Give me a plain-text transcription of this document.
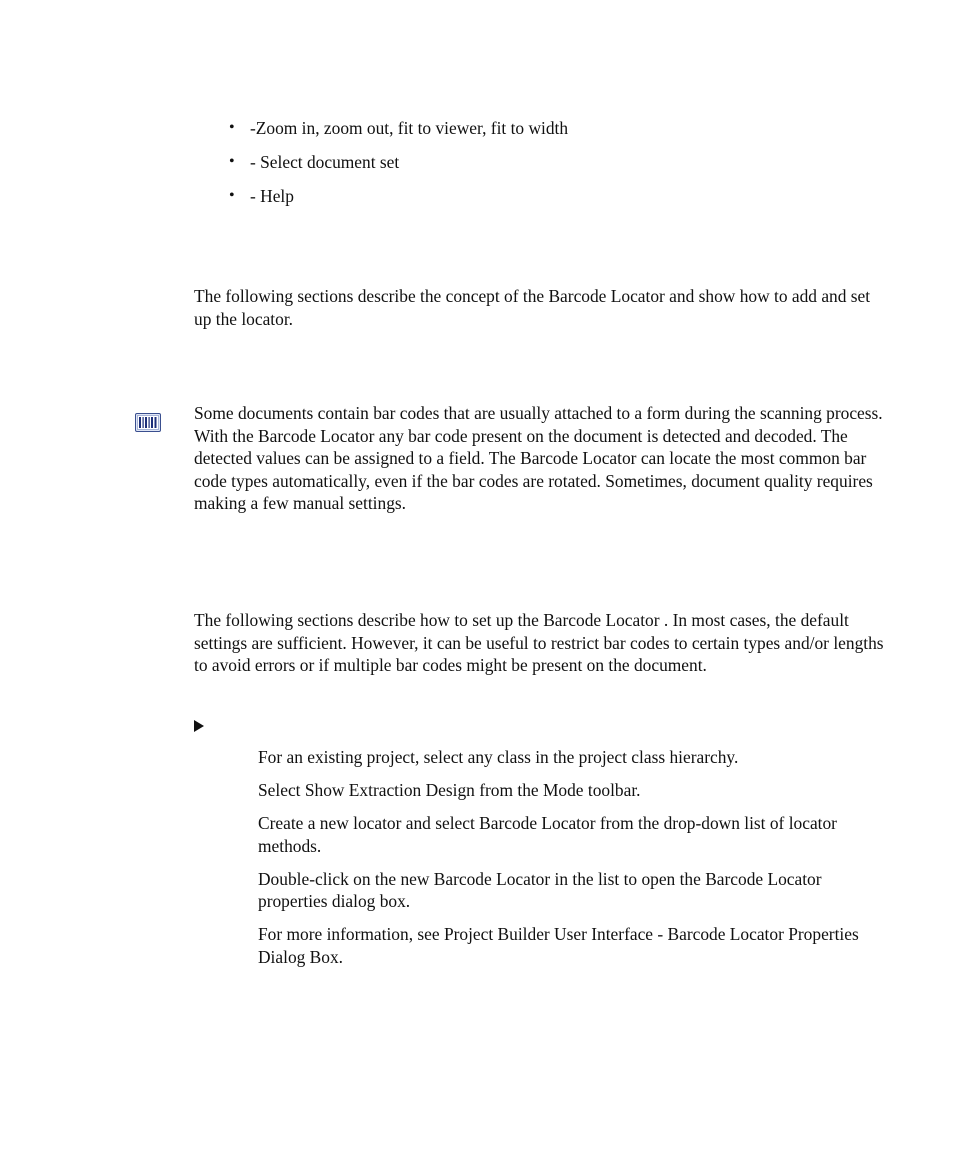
• -Zoom in, zoom out, fit to viewer, fit to width
• - Select document set
• - Help

The following sections describe the concept of the Barcode Locator and show how to add and set up the locator.

Some documents contain bar codes that are usually attached to a form during the scanning process. With the Barcode Locator any bar code present on the document is detected and decoded. The detected values can be assigned to a field. The Barcode Locator can locate the most common bar code types automatically, even if the bar codes are rotated. Sometimes, document quality requires making a few manual settings.

The following sections describe how to set up the Barcode Locator . In most cases, the default settings are sufficient. However, it can be useful to restrict bar codes to certain types and/or lengths to avoid errors or if multiple bar codes might be present on the document.

For an existing project, select any class in the project class hierarchy.
Select Show Extraction Design from the Mode toolbar.
Create a new locator and select Barcode Locator from the drop-down list of locator methods.
Double-click on the new Barcode Locator in the list to open the Barcode Locator properties dialog box.
For more information, see Project Builder User Interface - Barcode Locator Properties Dialog Box.
